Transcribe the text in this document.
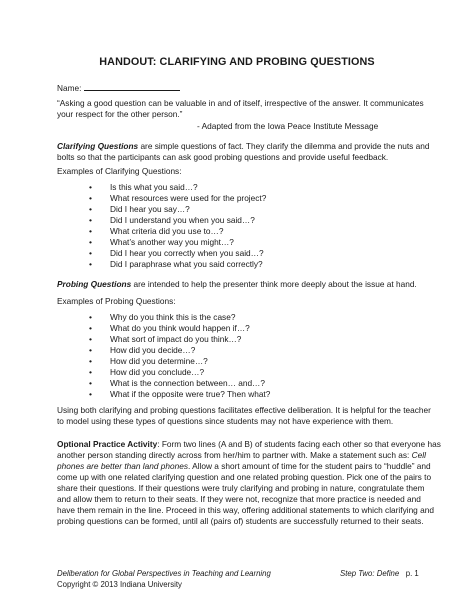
HANDOUT: CLARIFYING AND PROBING QUESTIONS
Name:
“Asking a good question can be valuable in and of itself, irrespective of the answer. It communicates
your respect for the other person.”
- Adapted from the Iowa Peace Institute Message
Clarifying Questions are simple questions of fact. They clarify the dilemma and provide the nuts and
bolts so that the participants can ask good probing questions and provide useful feedback.
Examples of Clarifying Questions:
• Is this what you said…?
• What resources were used for the project?
• Did I hear you say…?
• Did I understand you when you said…?
• What criteria did you use to…?
• What’s another way you might…?
• Did I hear you correctly when you said…?
• Did I paraphrase what you said correctly?
Probing Questions are intended to help the presenter think more deeply about the issue at hand.
Examples of Probing Questions:
• Why do you think this is the case?
• What do you think would happen if…?
• What sort of impact do you think…?
• How did you decide…?
• How did you determine…?
• How did you conclude…?
• What is the connection between… and…?
• What if the opposite were true? Then what?
Using both clarifying and probing questions facilitates effective deliberation. It is helpful for the teacher
to model using these types of questions since students may not have experience with them.
Optional Practice Activity: Form two lines (A and B) of students facing each other so that everyone has
another person standing directly across from her/him to partner with. Make a statement such as: Cell
phones are better than land phones. Allow a short amount of time for the student pairs to “huddle” and
come up with one related clarifying question and one related probing question. Pick one of the pairs to
share their questions. If their questions were truly clarifying and probing in nature, congratulate them
and allow them to return to their seats. If they were not, recognize that more practice is needed and
have them remain in the line. Proceed in this way, offering additional statements to which clarifying and
probing questions can be formed, until all (pairs of) students are successfully returned to their seats.
Deliberation for Global Perspectives in Teaching and Learning
Copyright © 2013 Indiana University
Step Two: Define p. 1
